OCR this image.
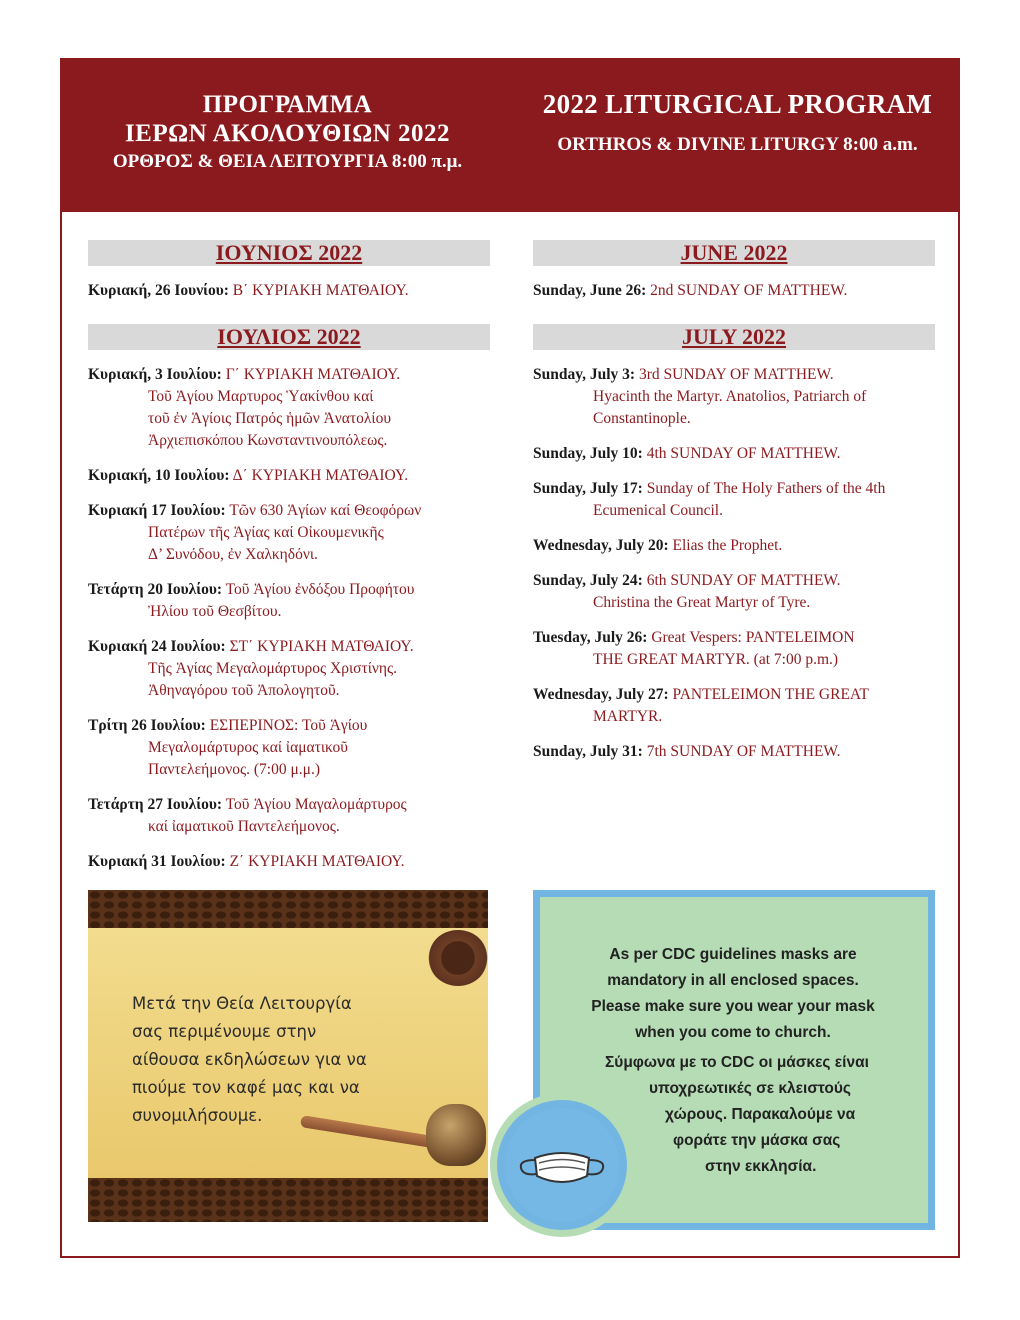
ΠΡΟΓΡΑΜΜΑ
ΙΕΡΩΝ ΑΚΟΛΟΥΘΙΩΝ 2022
ΟΡΘΡΟΣ & ΘΕΙΑ ΛΕΙΤΟΥΡΓΙΑ 8:00 π.μ.
2022 LITURGICAL PROGRAM
ORTHROS & DIVINE LITURGY 8:00 a.m.
ΙΟΥΝΙΟΣ 2022
Κυριακή, 26 Ιουνίου: Β΄ ΚΥΡΙΑΚΗ ΜΑΤΘΑΙΟΥ.
ΙΟΥΛΙΟΣ 2022
Κυριακή, 3 Ιουλίου: Γ΄ ΚΥΡΙΑΚΗ ΜΑΤΘΑΙΟΥ.
Τοῦ Ἁγίου Μαρτυρος Ὑακίνθου καί
τοῦ ἐν Ἁγίοις Πατρός ἡμῶν Ἀνατολίου
Ἀρχιεπισκόπου Κωνσταντινουπόλεως.
Κυριακή, 10 Ιουλίου: Δ΄ ΚΥΡΙΑΚΗ ΜΑΤΘΑΙΟΥ.
Κυριακή 17 Ιουλίου: Τῶν 630 Ἁγίων καί Θεοφόρων
Πατέρων τῆς Ἁγίας καί Οἰκουμενικῆς
Δ’ Συνόδου, ἐν Χαλκηδόνι.
Τετάρτη 20 Ιουλίου: Τοῦ Ἁγίου ἐνδόξου Προφήτου
Ἠλίου τοῦ Θεσβίτου.
Κυριακή 24 Ιουλίου: ΣΤ΄ ΚΥΡΙΑΚΗ ΜΑΤΘΑΙΟΥ.
Τῆς Ἁγίας Μεγαλομάρτυρος Χριστίνης.
Ἀθηναγόρου τοῦ Ἀπολογητοῦ.
Τρίτη 26 Ιουλίου: ΕΣΠΕΡΙΝΟΣ: Τοῦ Ἁγίου
Μεγαλομάρτυρος καί ἰαματικοῦ
Παντελεήμονος. (7:00 μ.μ.)
Τετάρτη 27 Ιουλίου: Τοῦ Ἁγίου Μαγαλομάρτυρος
καί ἰαματικοῦ Παντελεήμονος.
Κυριακή 31 Ιουλίου: Ζ΄ ΚΥΡΙΑΚΗ ΜΑΤΘΑΙΟΥ.
JUNE 2022
Sunday, June 26: 2nd SUNDAY OF MATTHEW.
JULY 2022
Sunday, July 3: 3rd SUNDAY OF MATTHEW.
Hyacinth the Martyr. Anatolios, Patriarch of
Constantinople.
Sunday, July 10: 4th SUNDAY OF MATTHEW.
Sunday, July 17: Sunday of The Holy Fathers of the 4th
Ecumenical Council.
Wednesday, July 20: Elias the Prophet.
Sunday, July 24: 6th SUNDAY OF MATTHEW.
Christina the Great Martyr of Tyre.
Tuesday, July 26: Great Vespers: PANTELEIMON
THE GREAT MARTYR. (at 7:00 p.m.)
Wednesday, July 27: PANTELEIMON THE GREAT
MARTYR.
Sunday, July 31: 7th SUNDAY OF MATTHEW.
Μετά την Θεία Λειτουργία
σας περιμένουμε στην
αίθουσα εκδηλώσεων για να
πιούμε τον καφέ μας και να
συνομιλήσουμε.
As per CDC guidelines masks are
mandatory in all enclosed spaces.
Please make sure you wear your mask
when you come to church.
Σύμφωνα με το CDC οι μάσκες είναι
υποχρεωτικές σε κλειστούς
χώρους. Παρακαλούμε να
φοράτε την μάσκα σας
στην εκκλησία.
